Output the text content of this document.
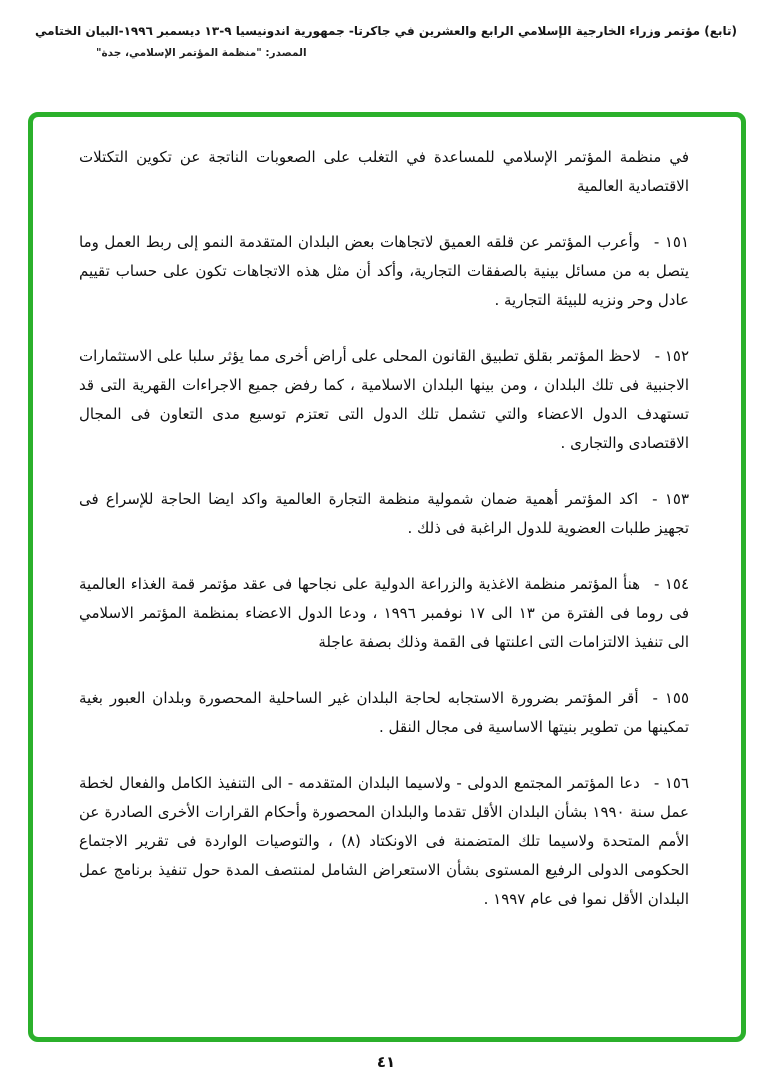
(تابع) مؤتمر وزراء الخارجية الإسلامي الرابع والعشرين في جاكرتا- جمهورية اندونيسيا ٩-١٣ ديسمبر ١٩٩٦-البيان الختامي
المصدر: "منظمة المؤتمر الإسلامي، جدة"

في منظمة المؤتمر الإسلامي للمساعدة في التغلب على الصعوبات الناتجة عن تكوين التكتلات الاقتصادية العالمية

١٥١ -وأعرب المؤتمر عن قلقه العميق لاتجاهات بعض البلدان المتقدمة النمو إلى ربط العمل وما يتصل به من مسائل بينية بالصفقات التجارية، وأكد أن مثل هذه الاتجاهات تكون على حساب تقييم عادل وحر ونزيه للبيئة التجارية .

١٥٢ -لاحظ المؤتمر بقلق تطبيق القانون المحلى على أراض أخرى مما يؤثر سلبا على الاستثمارات الاجنبية فى تلك البلدان ، ومن بينها البلدان الاسلامية ، كما رفض جميع الاجراءات القهرية التى قد تستهدف الدول الاعضاء والتي تشمل تلك الدول التى تعتزم توسيع مدى التعاون فى المجال الاقتصادى والتجارى .

١٥٣ -اكد المؤتمر أهمية ضمان شمولية منظمة التجارة العالمية واكد ايضا الحاجة للإسراع فى تجهيز طلبات العضوية للدول الراغبة فى ذلك .

١٥٤ -هنأ المؤتمر منظمة الاغذية والزراعة الدولية على نجاحها فى عقد مؤتمر قمة الغذاء العالمية فى روما فى الفترة من ١٣ الى ١٧ نوفمبر ١٩٩٦ ، ودعا الدول الاعضاء بمنظمة المؤتمر الاسلامي الى تنفيذ الالتزامات التى اعلنتها فى القمة وذلك بصفة عاجلة

١٥٥ -أقر المؤتمر بضرورة الاستجابه لحاجة البلدان غير الساحلية المحصورة وبلدان العبور بغية تمكينها من تطوير بنيتها الاساسية فى مجال النقل .

١٥٦ -دعا المؤتمر المجتمع الدولى - ولاسيما البلدان المتقدمه - الى التنفيذ الكامل والفعال لخطة عمل سنة ١٩٩٠ بشأن البلدان الأقل تقدما والبلدان المحصورة وأحكام القرارات الأخرى الصادرة عن الأمم المتحدة ولاسيما تلك المتضمنة فى الاونكتاد (٨) ، والتوصيات الواردة فى تقرير الاجتماع الحكومى الدولى الرفيع المستوى بشأن الاستعراض الشامل لمنتصف المدة حول تنفيذ برنامج عمل البلدان الأقل نموا فى عام ١٩٩٧ .

٤١
